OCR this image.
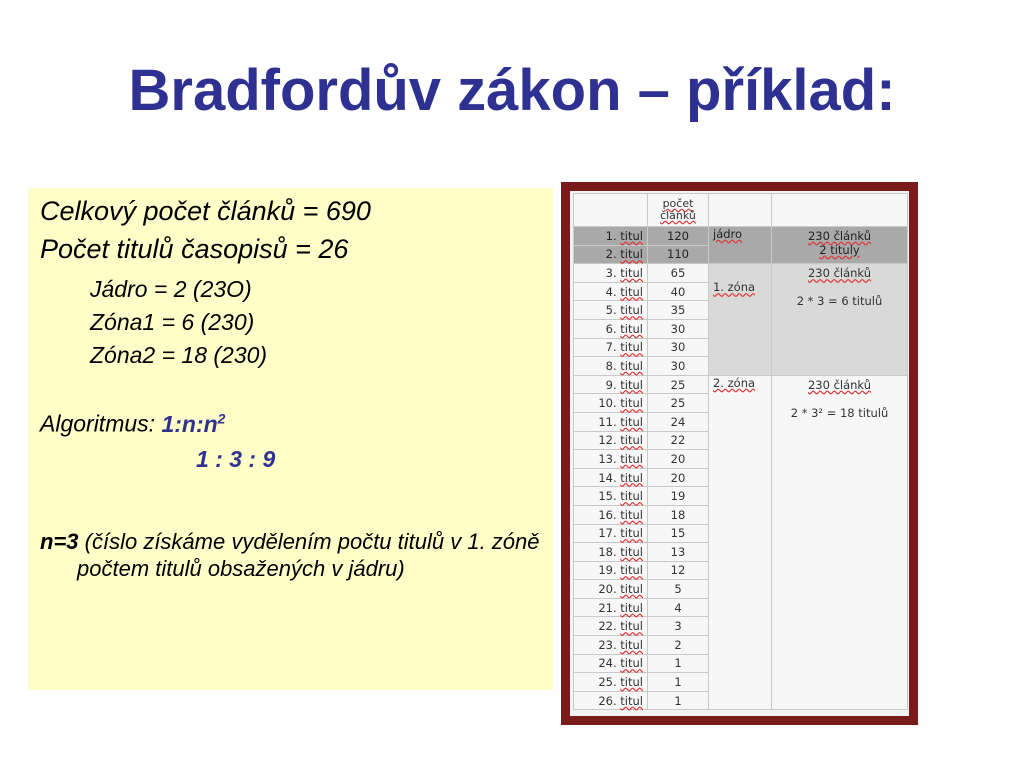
Bradfordův zákon – příklad:
Celkový počet článků = 690
Počet titulů časopisů = 26
Jádro = 2 (23O)
Zóna1 = 6 (230)
Zóna2 = 18 (230)
Algoritmus: $1:n:n^2$
1 : 3 : 9
n=3 (číslo získáme vydělením počtu titulů v 1. zóně počtem titulů obsažených v jádru)
	počet
článků		
1. titul	120	jádro	230 článků
2 tituly
2. titul	110		
3. titul	65	1. zóna	230 článků

2 * 3 = 6 titulů
4. titul	40		
5. titul	35		
6. titul	30		
7. titul	30		
8. titul	30		
9. titul	25	2. zóna	230 článků

2 * 3² = 18 titulů
10. titul	25		
11. titul	24		
12. titul	22		
13. titul	20		
14. titul	20		
15. titul	19		
16. titul	18		
17. titul	15		
18. titul	13		
19. titul	12		
20. titul	5		
21. titul	4		
22. titul	3		
23. titul	2		
24. titul	1		
25. titul	1		
26. titul	1		
